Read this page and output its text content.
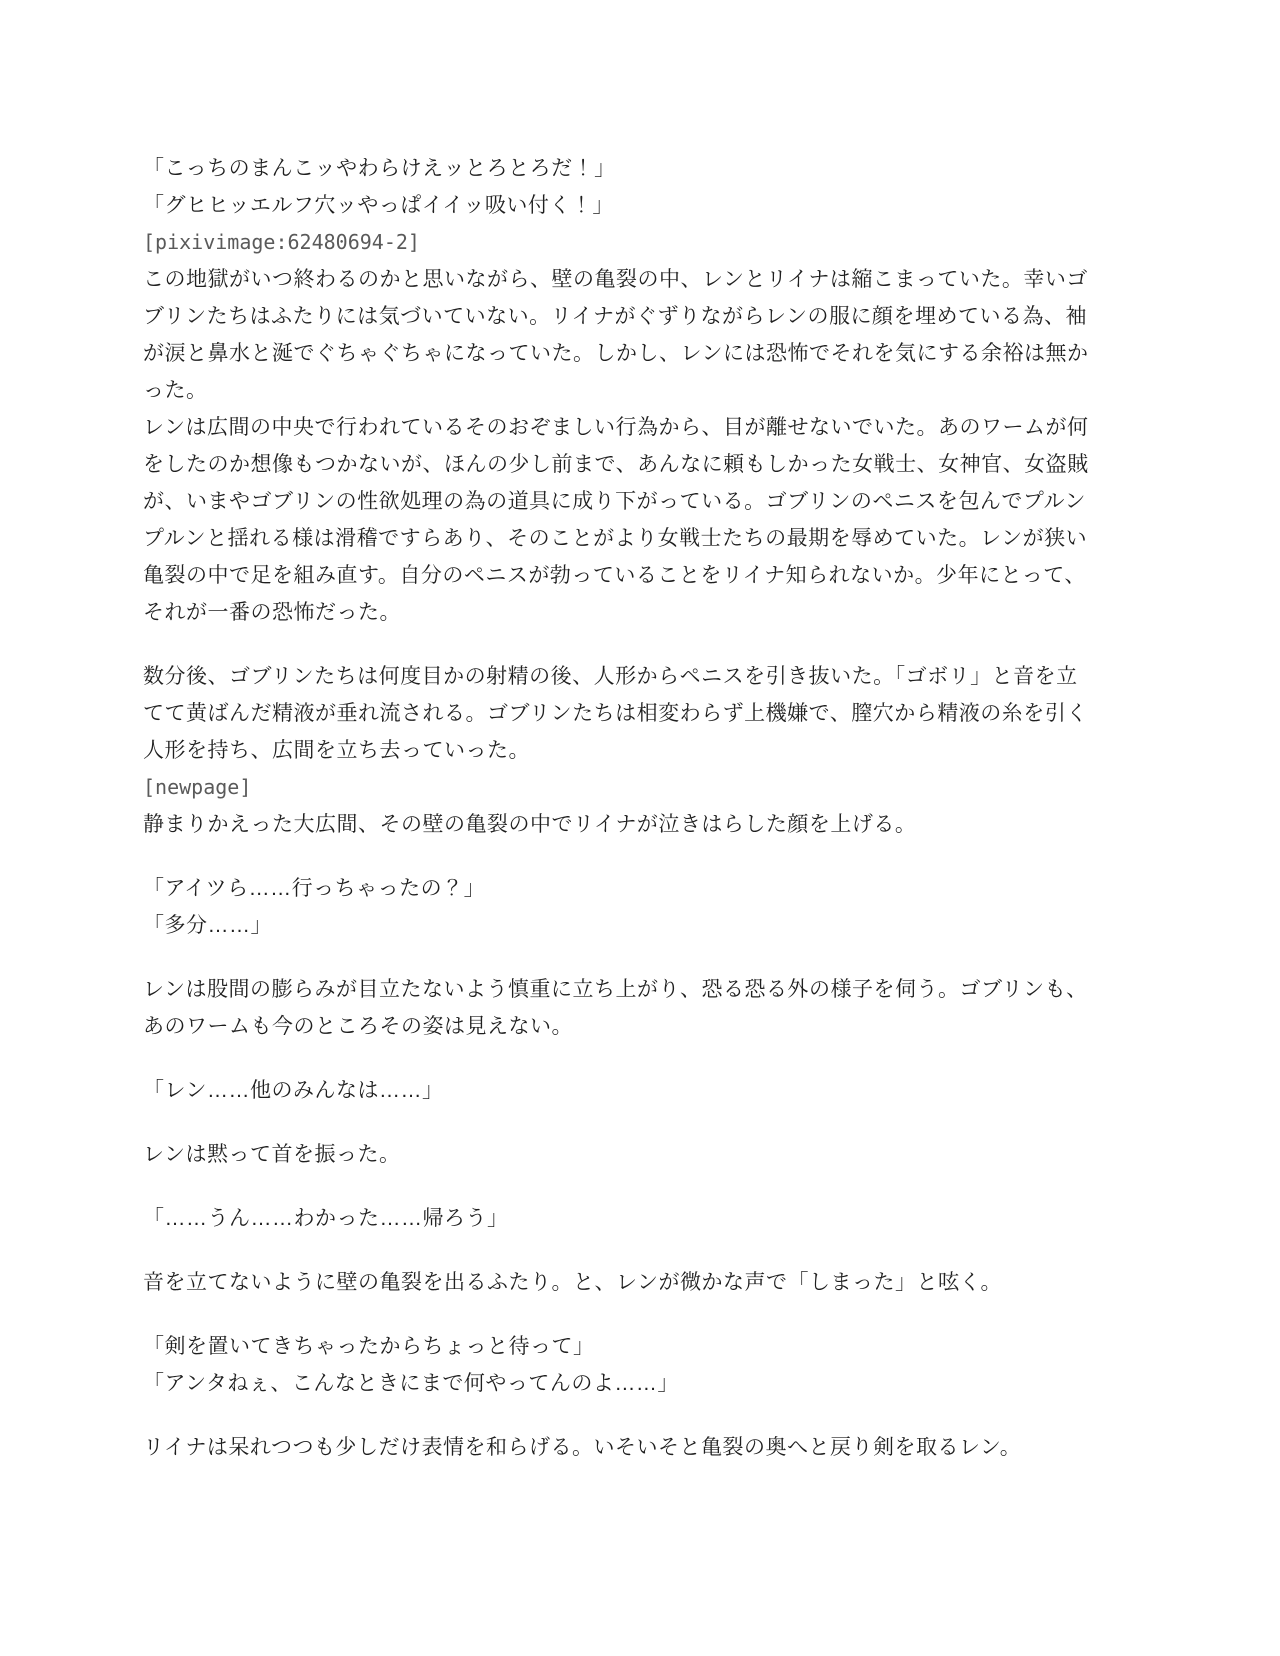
「こっちのまんこッやわらけえッとろとろだ！」
「グヒヒッエルフ穴ッやっぱイイッ吸い付く！」
[pixivimage:62480694-2]
この地獄がいつ終わるのかと思いながら、壁の亀裂の中、レンとリイナは縮こまっていた。幸いゴ
ブリンたちはふたりには気づいていない。リイナがぐずりながらレンの服に顔を埋めている為、袖
が涙と鼻水と涎でぐちゃぐちゃになっていた。しかし、レンには恐怖でそれを気にする余裕は無か
った。
レンは広間の中央で行われているそのおぞましい行為から、目が離せないでいた。あのワームが何
をしたのか想像もつかないが、ほんの少し前まで、あんなに頼もしかった女戦士、女神官、女盗賊
が、いまやゴブリンの性欲処理の為の道具に成り下がっている。ゴブリンのペニスを包んでプルン
プルンと揺れる様は滑稽ですらあり、そのことがより女戦士たちの最期を辱めていた。レンが狭い
亀裂の中で足を組み直す。自分のペニスが勃っていることをリイナ知られないか。少年にとって、
それが一番の恐怖だった。
数分後、ゴブリンたちは何度目かの射精の後、人形からペニスを引き抜いた。「ゴボリ」と音を立
てて黄ばんだ精液が垂れ流される。ゴブリンたちは相変わらず上機嫌で、膣穴から精液の糸を引く
人形を持ち、広間を立ち去っていった。
[newpage]
静まりかえった大広間、その壁の亀裂の中でリイナが泣きはらした顔を上げる。
「アイツら……行っちゃったの？」
「多分……」
レンは股間の膨らみが目立たないよう慎重に立ち上がり、恐る恐る外の様子を伺う。ゴブリンも、
あのワームも今のところその姿は見えない。
「レン……他のみんなは……」
レンは黙って首を振った。
「……うん……わかった……帰ろう」
音を立てないように壁の亀裂を出るふたり。と、レンが微かな声で「しまった」と呟く。
「剣を置いてきちゃったからちょっと待って」
「アンタねぇ、こんなときにまで何やってんのよ……」
リイナは呆れつつも少しだけ表情を和らげる。いそいそと亀裂の奥へと戻り剣を取るレン。
